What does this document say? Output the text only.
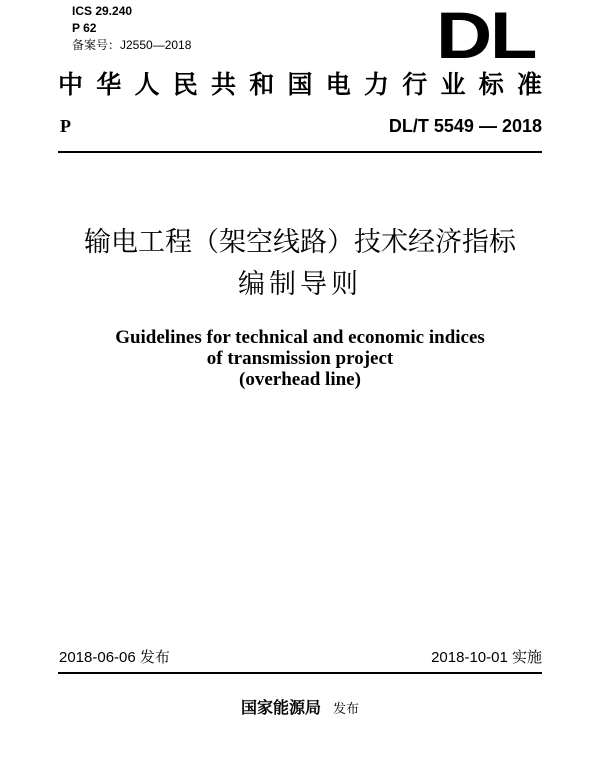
ICS 29.240
P 62
备案号：J2550—2018	DL
中华人民共和国电力行业标准
P	DL/T 5549 — 2018
输电工程（架空线路）技术经济指标
编制导则
Guidelines for technical and economic indices
of transmission project
(overhead line)
2018-06-06 发布	2018-10-01 实施
国家能源局 发布
